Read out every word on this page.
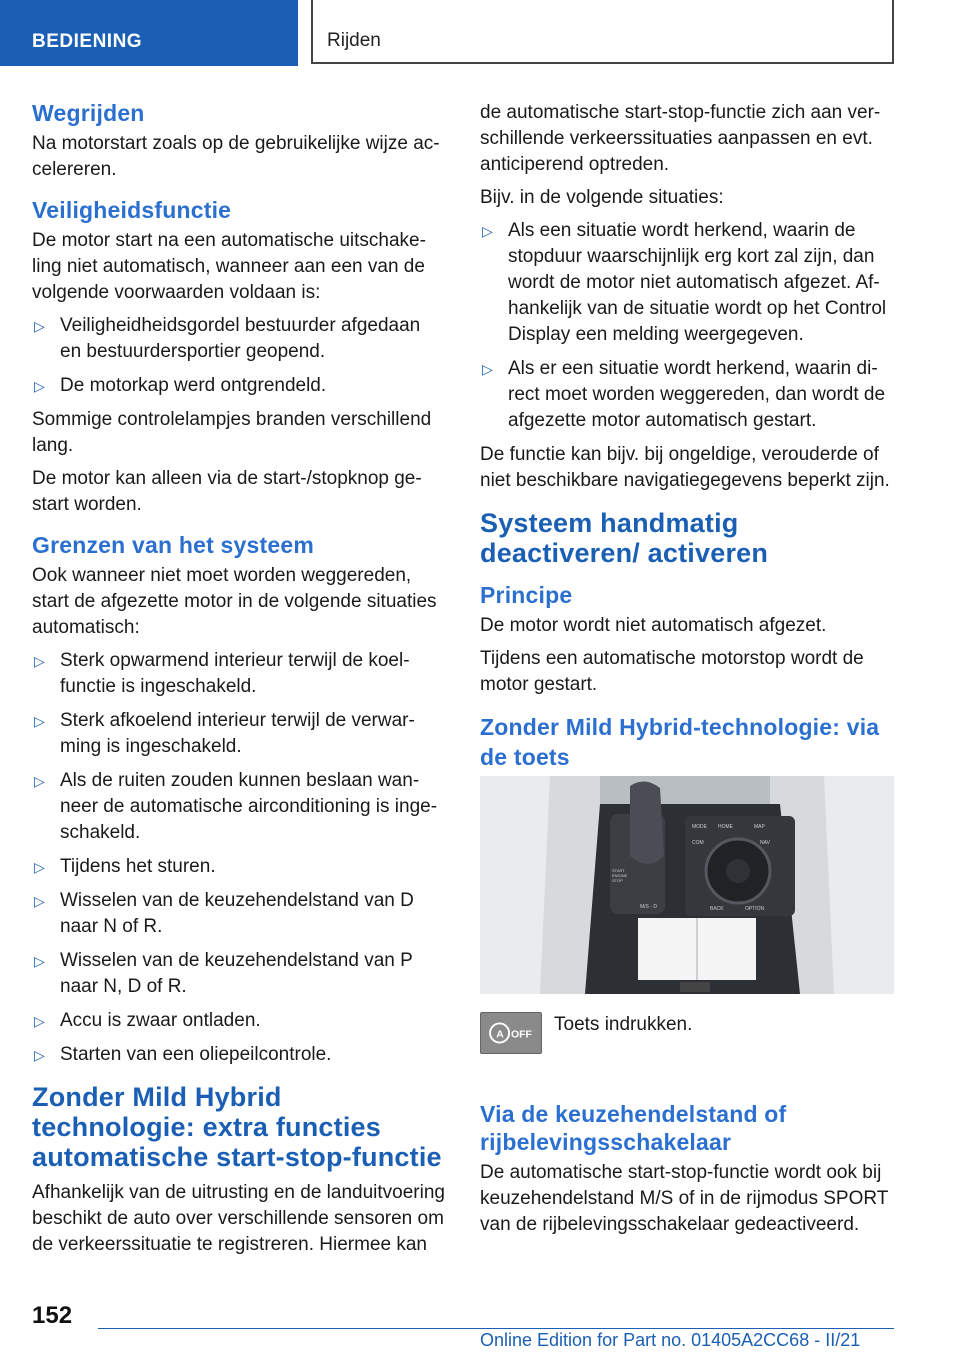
BEDIENING	Rijden
Wegrijden

Na motorstart zoals op de gebruikelijke wijze accelereren.

Veiligheidsfunctie

De motor start na een automatische uitschakeling niet automatisch, wanneer aan een van de volgende voorwaarden voldaan is:

▷ Veiligheidheidsgordel bestuurder afgedaan en bestuurdersportier geopend.
▷ De motorkap werd ontgrendeld.

Sommige controlelampjes branden verschillend lang.

De motor kan alleen via de start-/stopknop gestart worden.

Grenzen van het systeem

Ook wanneer niet moet worden weggereden, start de afgezette motor in de volgende situaties automatisch:

▷ Sterk opwarmend interieur terwijl de koelfunctie is ingeschakeld.
▷ Sterk afkoelend interieur terwijl de verwarming is ingeschakeld.
▷ Als de ruiten zouden kunnen beslaan wanneer de automatische airconditioning is ingeschakeld.
▷ Tijdens het sturen.
▷ Wisselen van de keuzehendelstand van D naar N of R.
▷ Wisselen van de keuzehendelstand van P naar N, D of R.
▷ Accu is zwaar ontladen.
▷ Starten van een oliepeilcontrole.
Zonder Mild Hybrid technologie: extra functies automatische start-stop-functie

Afhankelijk van de uitrusting en de landuitvoering beschikt de auto over verschillende sensoren om de verkeerssituatie te registreren. Hiermee kan

de automatische start-stop-functie zich aan verschillende verkeerssituaties aanpassen en evt. anticiperend optreden.

Bijv. in de volgende situaties:

▷ Als een situatie wordt herkend, waarin de stopduur waarschijnlijk erg kort zal zijn, dan wordt de motor niet automatisch afgezet. Afhankelijk van de situatie wordt op het Control Display een melding weergegeven.
▷ Als er een situatie wordt herkend, waarin direct moet worden weggereden, dan wordt de afgezette motor automatisch gestart.

De functie kan bijv. bij ongeldige, verouderde of niet beschikbare navigatiegegevens beperkt zijn.

Systeem handmatig deactiveren/ activeren
Principe

De motor wordt niet automatisch afgezet.

Tijdens een automatische motorstop wordt de motor gestart.

Zonder Mild Hybrid-technologie: via de toets
MODE HOME	MAP
COM	NAV
BACK	OPTION
START
ENGINE
STOP
M/S - D
A OFF
Toets indrukken.
Via de keuzehendelstand of rijbelevingsschakelaar

De automatische start-stop-functie wordt ook bij keuzehendelstand M/S of in de rijmodus SPORT van de rijbelevingsschakelaar gedeactiveerd.

152
Online Edition for Part no. 01405A2CC68 - II/21
